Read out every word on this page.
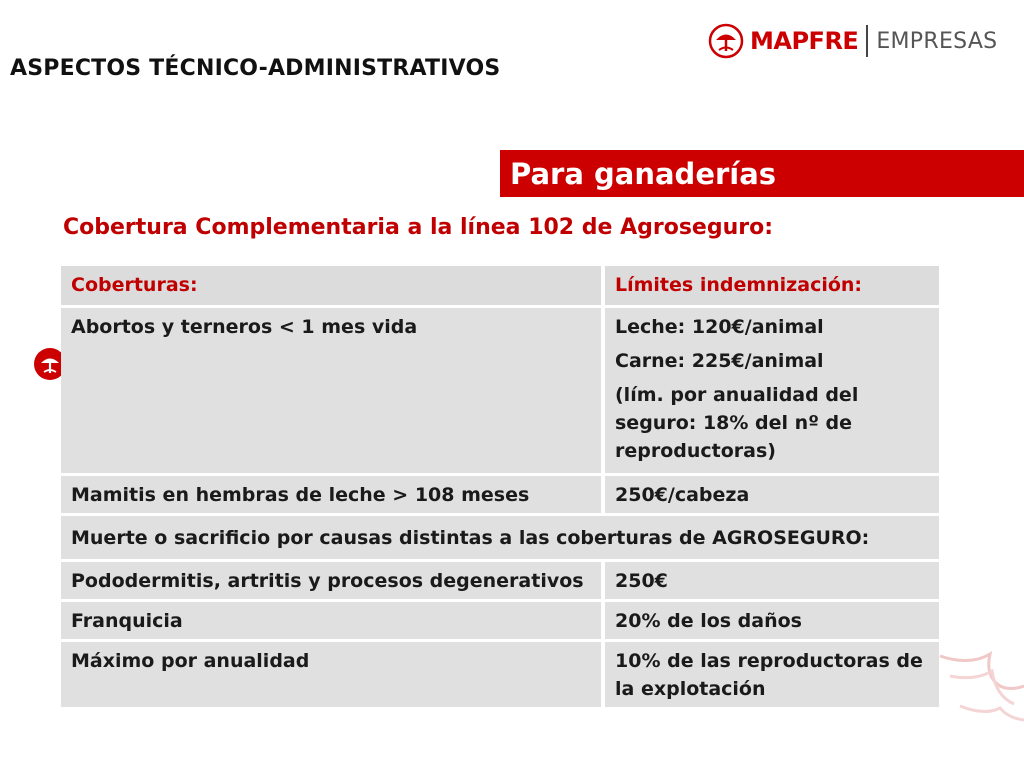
ASPECTOS TÉCNICO-ADMINISTRATIVOS
MAPFRE EMPRESAS
Para ganaderías
Cobertura Complementaria a la línea 102 de Agroseguro:
Coberturas:	Límites indemnización:
Abortos y terneros < 1 mes vida	Leche: 120€/animal
Carne: 225€/animal
(lím. por anualidad del seguro: 18% del nº de reproductoras)

Mamitis en hembras de leche > 108 meses	250€/cabeza
Muerte o sacrificio por causas distintas a las coberturas de AGROSEGURO:	
Pododermitis, artritis y procesos degenerativos	250€
Franquicia	20% de los daños
Máximo por anualidad	10% de las reproductoras de la explotación
